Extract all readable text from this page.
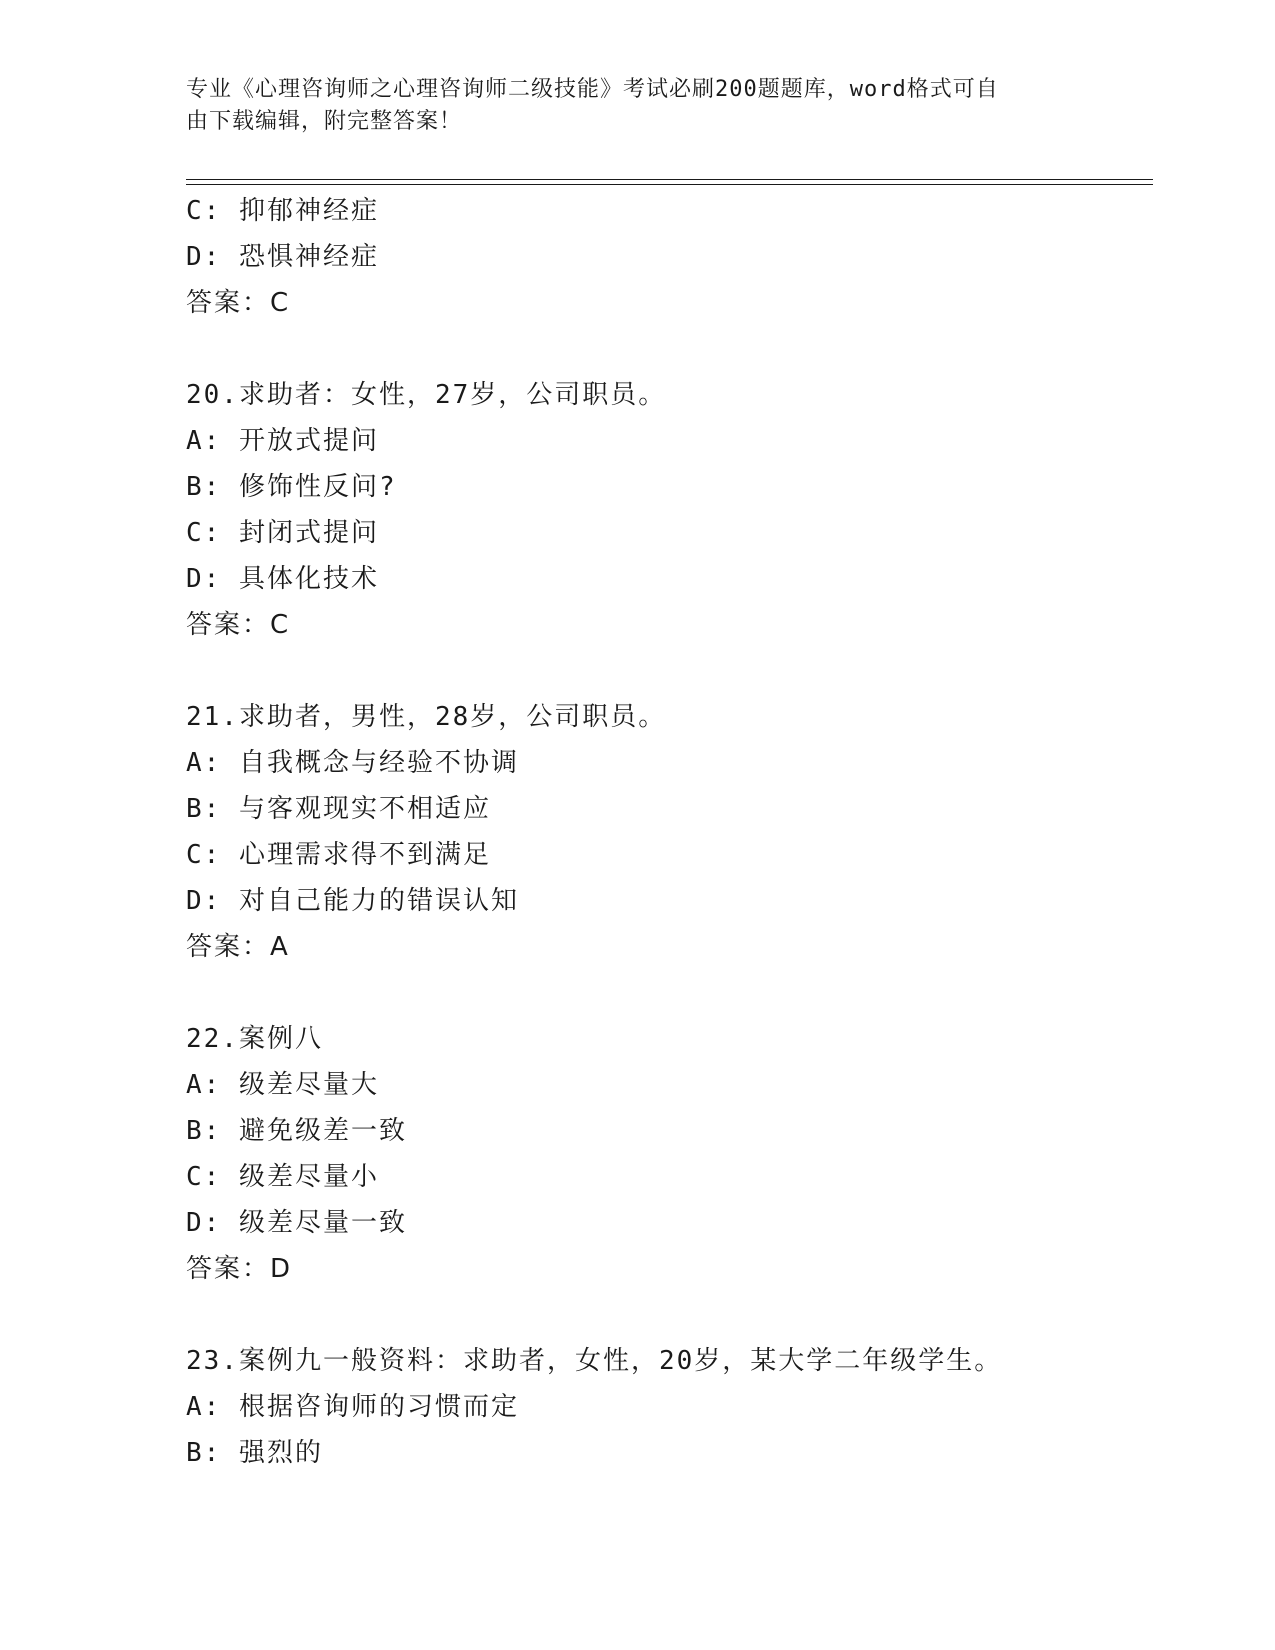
专业《心理咨询师之心理咨询师二级技能》考试必刷200题题库，word格式可自
由下载编辑，附完整答案！
C: 抑郁神经症
D: 恐惧神经症
答案：C
20.求助者：女性，27岁，公司职员。
A: 开放式提问
B: 修饰性反问?
C: 封闭式提问
D: 具体化技术
答案：C
21.求助者，男性，28岁，公司职员。
A: 自我概念与经验不协调
B: 与客观现实不相适应
C: 心理需求得不到满足
D: 对自己能力的错误认知
答案：A
22.案例八
A: 级差尽量大
B: 避免级差一致
C: 级差尽量小
D: 级差尽量一致
答案：D
23.案例九一般资料：求助者，女性，20岁，某大学二年级学生。
A: 根据咨询师的习惯而定
B: 强烈的
